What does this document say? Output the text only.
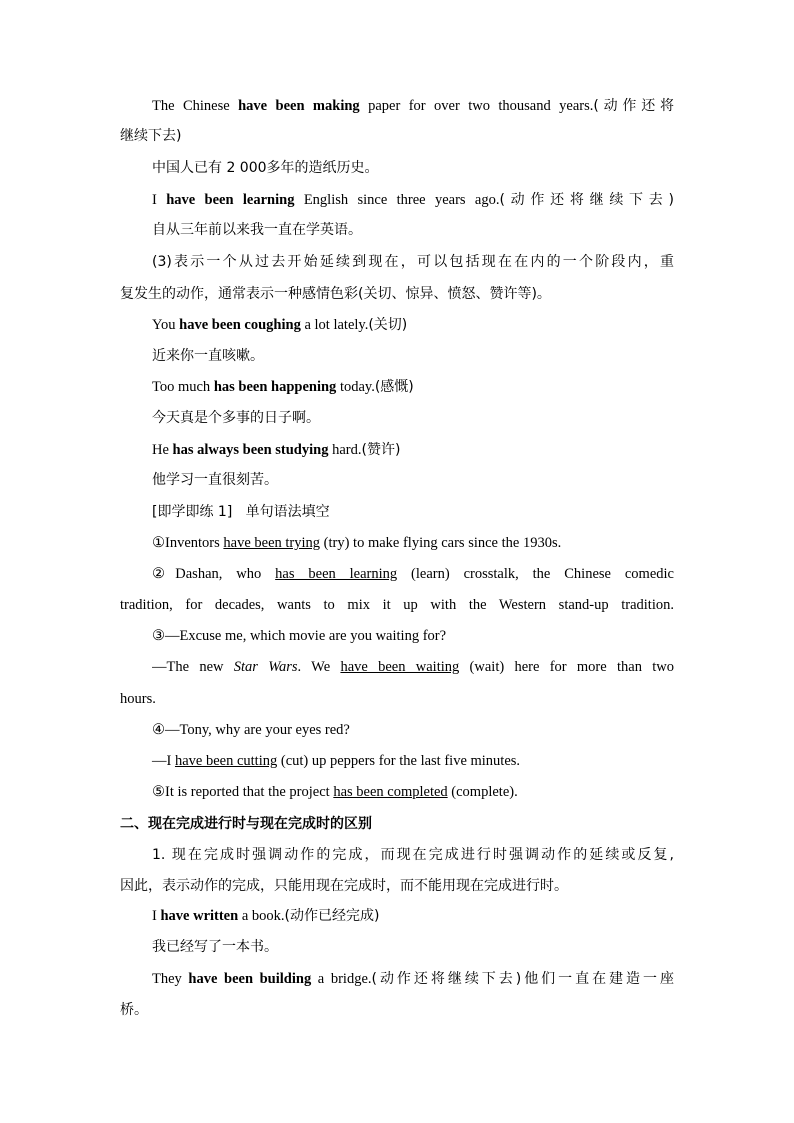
The Chinese have been making paper for over two thousand years.(动作还将
继续下去)
中国人已有 2 000多年的造纸历史。
I have been learning English since three years ago.(动作还将继续下去)
自从三年前以来我一直在学英语。
(3)表示一个从过去开始延续到现在，可以包括现在在内的一个阶段内，重
复发生的动作，通常表示一种感情色彩(关切、惊异、愤怒、赞许等)。
You have been coughing a lot lately.(关切)
近来你一直咳嗽。
Too much has been happening today.(感慨)
今天真是个多事的日子啊。
He has always been studying hard.(赞许)
他学习一直很刻苦。
[即学即练 1] 单句语法填空
①Inventors have been trying (try) to make flying cars since the 1930s.
②Dashan, who has been learning (learn) crosstalk, the Chinese comedic
tradition, for decades, wants to mix it up with the Western stand-up tradition.
③—Excuse me, which movie are you waiting for?
—The new Star Wars. We have been waiting (wait) here for more than two
hours.
④—Tony, why are your eyes red?
—I have been cutting (cut) up peppers for the last five minutes.
⑤It is reported that the project has been completed (complete).
二、现在完成进行时与现在完成时的区别
1. 现在完成时强调动作的完成，而现在完成进行时强调动作的延续或反复,
因此，表示动作的完成，只能用现在完成时，而不能用现在完成进行时。
I have written a book.(动作已经完成)
我已经写了一本书。
They have been building a bridge.(动作还将继续下去)他们一直在建造一座
桥。
